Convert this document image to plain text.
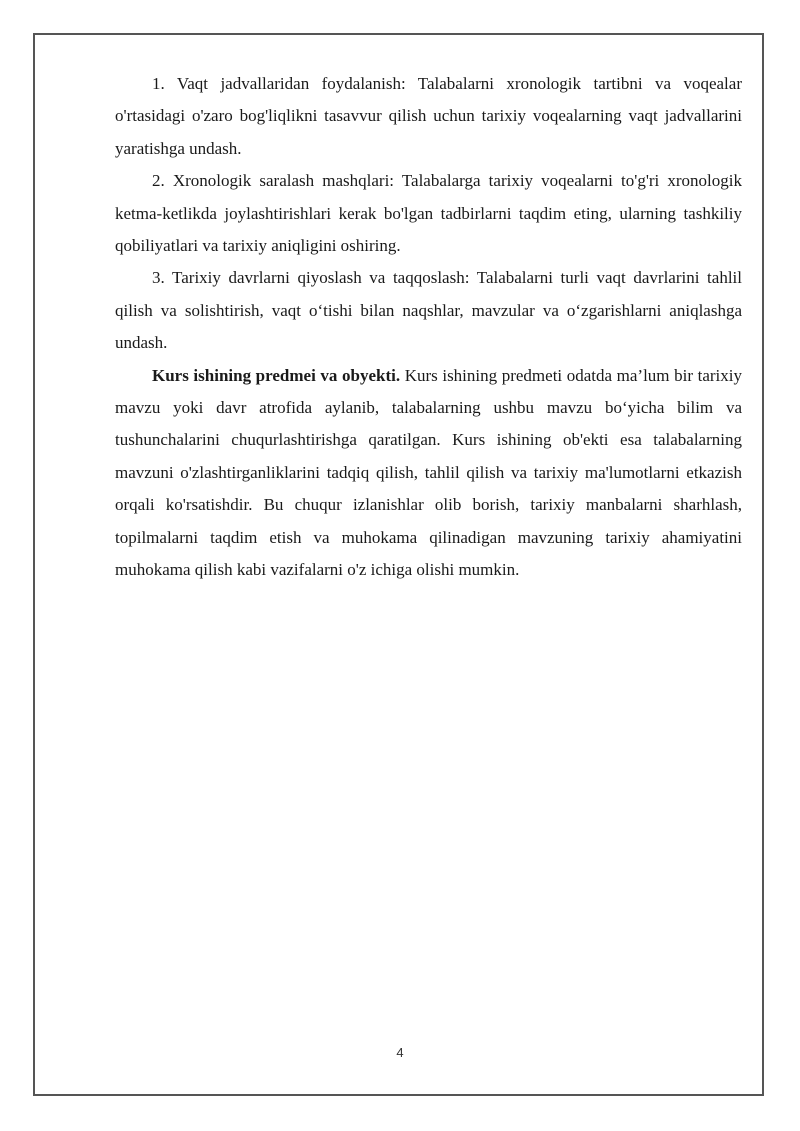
1. Vaqt jadvallaridan foydalanish: Talabalarni xronologik tartibni va voqealar o'rtasidagi o'zaro bog'liqlikni tasavvur qilish uchun tarixiy voqealarning vaqt jadvallarini yaratishga undash.

2. Xronologik saralash mashqlari: Talabalarga tarixiy voqealarni to'g'ri xronologik ketma-ketlikda joylashtirishlari kerak bo'lgan tadbirlarni taqdim eting, ularning tashkiliy qobiliyatlari va tarixiy aniqligini oshiring.

3. Tarixiy davrlarni qiyoslash va taqqoslash: Talabalarni turli vaqt davrlarini tahlil qilish va solishtirish, vaqt o‘tishi bilan naqshlar, mavzular va o‘zgarishlarni aniqlashga undash.

Kurs ishining predmei va obyekti. Kurs ishining predmeti odatda ma’lum bir tarixiy mavzu yoki davr atrofida aylanib, talabalarning ushbu mavzu bo‘yicha bilim va tushunchalarini chuqurlashtirishga qaratilgan. Kurs ishining ob'ekti esa talabalarning mavzuni o'zlashtirganliklarini tadqiq qilish, tahlil qilish va tarixiy ma'lumotlarni etkazish orqali ko'rsatishdir. Bu chuqur izlanishlar olib borish, tarixiy manbalarni sharhlash, topilmalarni taqdim etish va muhokama qilinadigan mavzuning tarixiy ahamiyatini muhokama qilish kabi vazifalarni o'z ichiga olishi mumkin.

4
